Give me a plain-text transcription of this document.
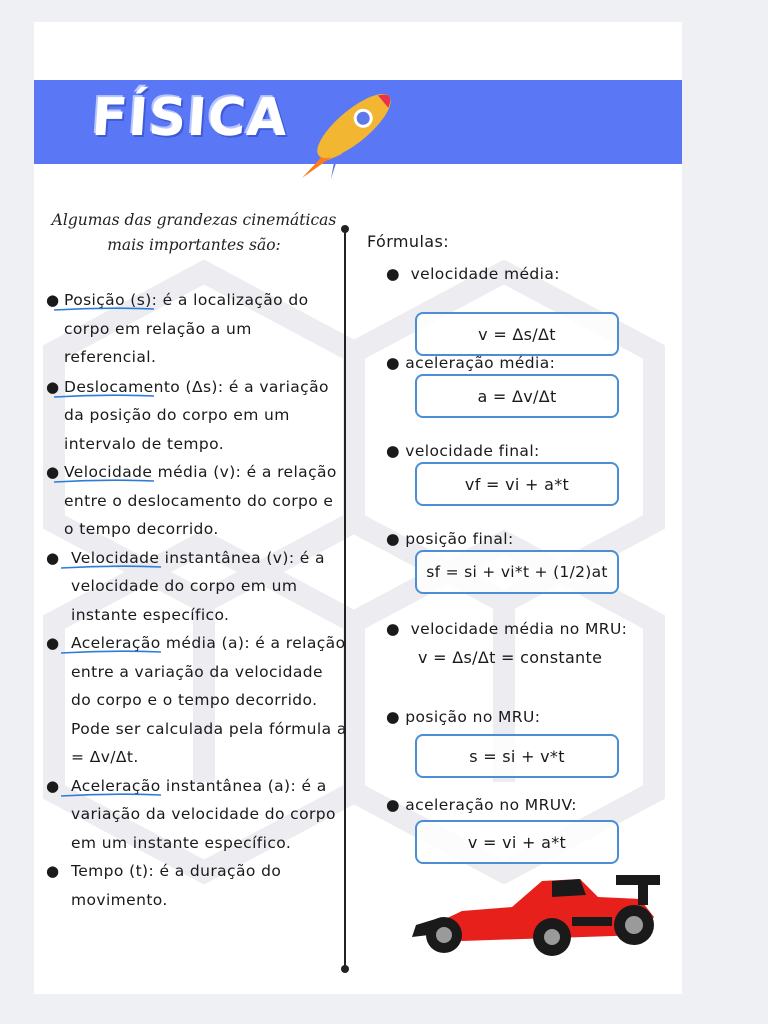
FÍSICA
Algumas das grandezas cinemáticas
mais importantes são:
● Posição (s)
: é a localização do corpo em relação a um referencial.
● Deslocamento (Δs)
: é a variação da posição do corpo em um intervalo de tempo.
● Velocidade média (v)
: é a relação entre o deslocamento do corpo e o tempo decorrido.
● Velocidade instantânea (v)
: é a velocidade do corpo em um instante específico.
● Aceleração média (a)
: é a relação entre a variação da velocidade do corpo e o tempo decorrido. Pode ser calculada pela fórmula a = Δv/Δt.
● Aceleração instantânea (a)
: é a variação da velocidade do corpo em um instante específico.
● Tempo (t): é a duração do movimento.
Fórmulas:
●  velocidade média:
v = Δs/Δt
● aceleração média:
a = Δv/Δt
● velocidade final:
vf = vi + a*t
● posição final:
sf = si + vi*t + (1/2)at
●  velocidade média no MRU:
v = Δs/Δt = constante
● posição no MRU:
s = si + v*t
● aceleração no MRUV:
v = vi + a*t
